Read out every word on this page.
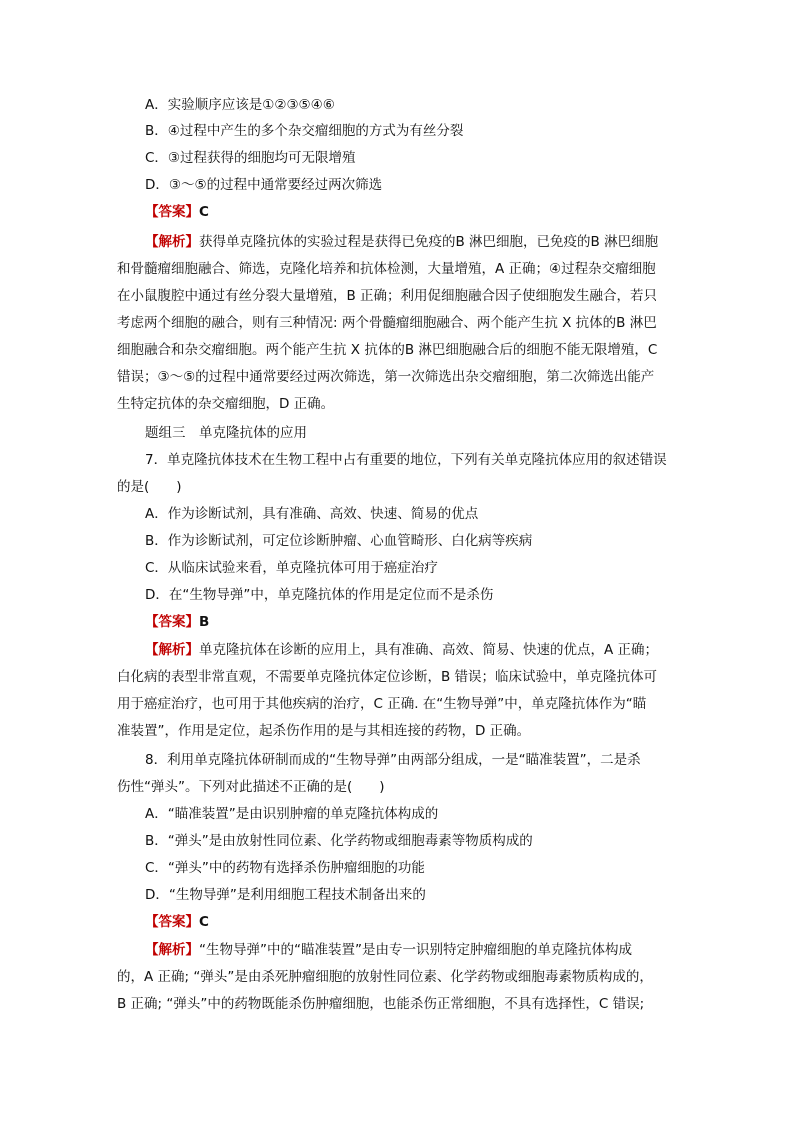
A．实验顺序应该是①②③⑤④⑥
B．④过程中产生的多个杂交瘤细胞的方式为有丝分裂
C．③过程获得的细胞均可无限增殖
D．③～⑤的过程中通常要经过两次筛选
【答案】C
【解析】获得单克隆抗体的实验过程是获得已免疫的B 淋巴细胞，已免疫的B 淋巴细胞
和骨髓瘤细胞融合、筛选，克隆化培养和抗体检测，大量增殖，A 正确；④过程杂交瘤细胞
在小鼠腹腔中通过有丝分裂大量增殖，B 正确；利用促细胞融合因子使细胞发生融合，若只
考虑两个细胞的融合，则有三种情况: 两个骨髓瘤细胞融合、两个能产生抗 X 抗体的B 淋巴
细胞融合和杂交瘤细胞。两个能产生抗 X 抗体的B 淋巴细胞融合后的细胞不能无限增殖，C
错误；③～⑤的过程中通常要经过两次筛选，第一次筛选出杂交瘤细胞，第二次筛选出能产
生特定抗体的杂交瘤细胞，D 正确。
题组三　单克隆抗体的应用
7．单克隆抗体技术在生物工程中占有重要的地位，下列有关单克隆抗体应用的叙述错误
的是(　　)
A．作为诊断试剂，具有准确、高效、快速、简易的优点
B．作为诊断试剂，可定位诊断肿瘤、心血管畸形、白化病等疾病
C．从临床试验来看，单克隆抗体可用于癌症治疗
D．在“生物导弹”中，单克隆抗体的作用是定位而不是杀伤
【答案】B
【解析】单克隆抗体在诊断的应用上，具有准确、高效、简易、快速的优点，A 正确；
白化病的表型非常直观，不需要单克隆抗体定位诊断，B 错误；临床试验中，单克隆抗体可
用于癌症治疗，也可用于其他疾病的治疗，C 正确. 在“生物导弹”中，单克隆抗体作为“瞄
准装置”，作用是定位，起杀伤作用的是与其相连接的药物，D 正确。
8．利用单克隆抗体研制而成的“生物导弹”由两部分组成，一是“瞄准装置”，二是杀
伤性“弹头”。下列对此描述不正确的是(　　)
A．“瞄准装置”是由识别肿瘤的单克隆抗体构成的
B．“弹头”是由放射性同位素、化学药物或细胞毒素等物质构成的
C．“弹头”中的药物有选择杀伤肿瘤细胞的功能
D．“生物导弹”是利用细胞工程技术制备出来的
【答案】C
【解析】“生物导弹”中的“瞄准装置”是由专一识别特定肿瘤细胞的单克隆抗体构成
的，A 正确; “弹头”是由杀死肿瘤细胞的放射性同位素、化学药物或细胞毒素物质构成的，
B 正确; “弹头”中的药物既能杀伤肿瘤细胞，也能杀伤正常细胞，不具有选择性，C 错误;
